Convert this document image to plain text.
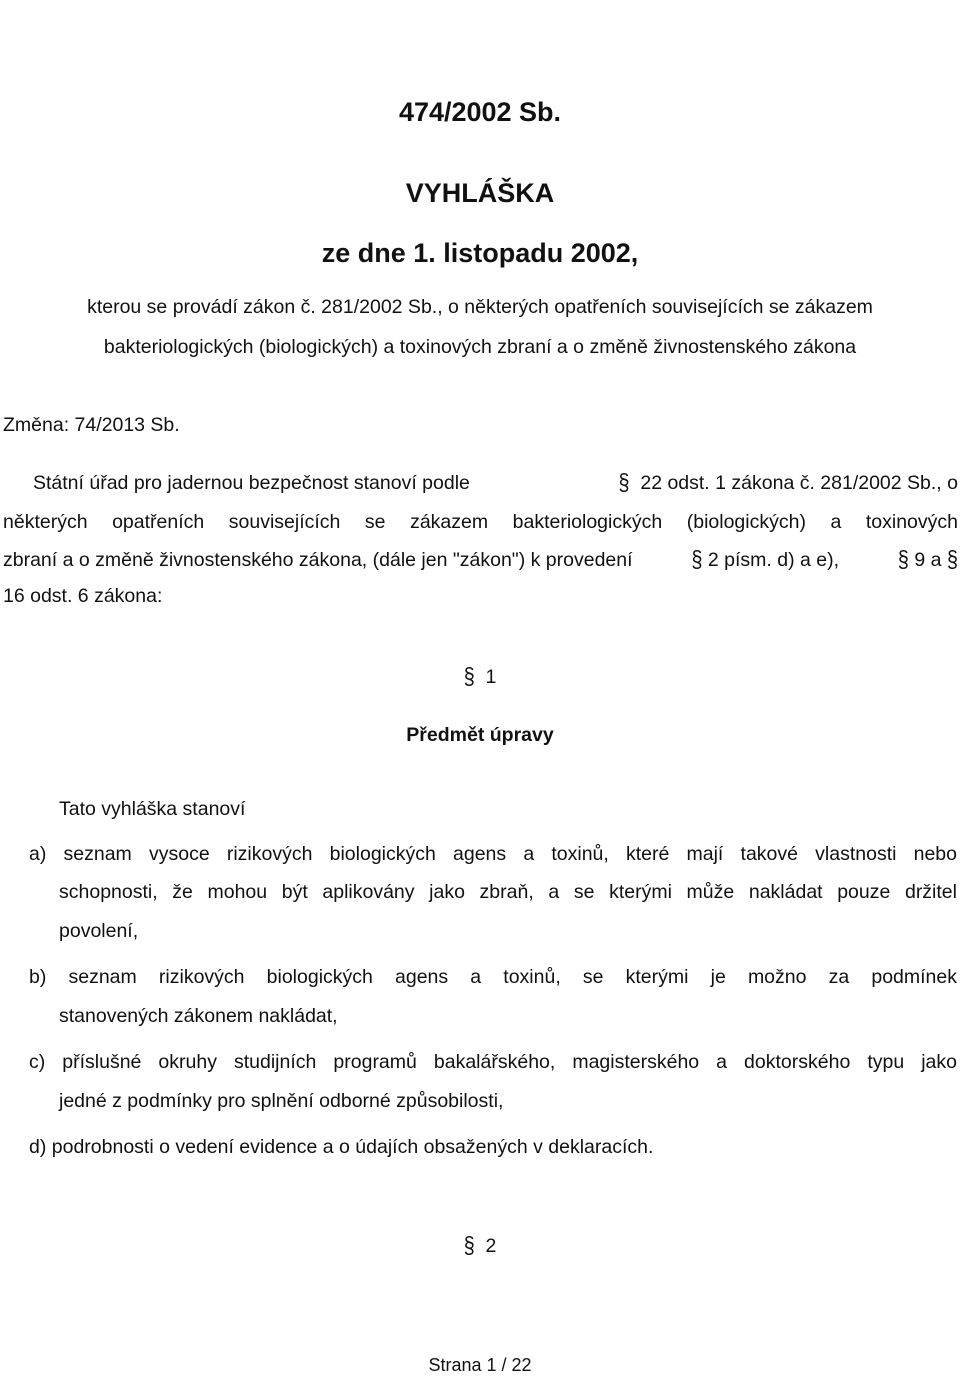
474/2002 Sb.
VYHLÁŠKA
ze dne 1. listopadu 2002,
kterou se provádí zákon č. 281/2002 Sb., o některých opatřeních souvisejících se zákazem
bakteriologických (biologických) a toxinových zbraní a o změně živnostenského zákona
Změna: 74/2013 Sb.
Státní úřad pro jadernou bezpečnost stanoví podle	§ 22 odst. 1 zákona č. 281/2002 Sb., o
některých opatřeních souvisejících se zákazem bakteriologických (biologických) a toxinových
zbraní a o změně živnostenského zákona, (dále jen "zákon") k provedení	§ 2 písm. d) a e),	§ 9 a §
16 odst. 6 zákona:
§ 1
Předmět úpravy
Tato vyhláška stanoví
a) seznam vysoce rizikových biologických agens a toxinů, které mají takové vlastnosti nebo
schopnosti, že mohou být aplikovány jako zbraň, a se kterými může nakládat pouze držitel
povolení,
b) seznam rizikových biologických agens a toxinů, se kterými je možno za podmínek
stanovených zákonem nakládat,
c) příslušné okruhy studijních programů bakalářského, magisterského a doktorského typu jako
jedné z podmínky pro splnění odborné způsobilosti,
d) podrobnosti o vedení evidence a o údajích obsažených v deklaracích.
§ 2
Strana 1 / 22
